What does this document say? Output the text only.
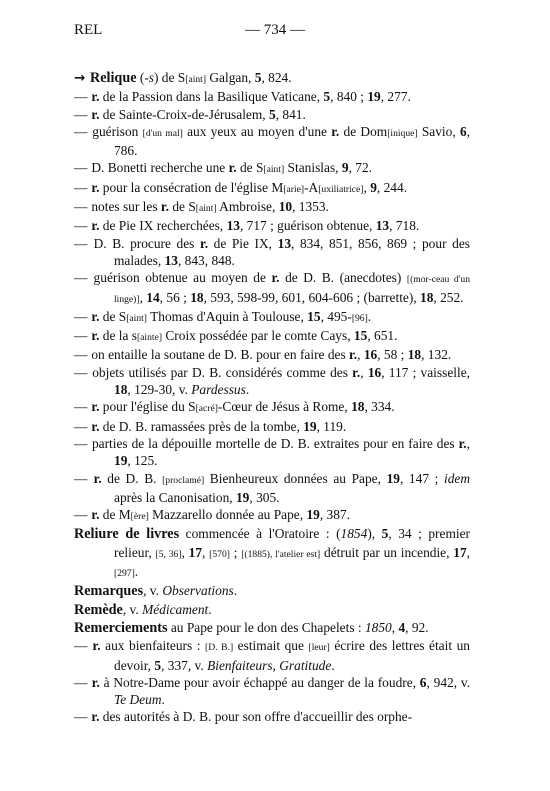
REL	— 734 —
→ Relique (-s) de S[aint] Galgan, 5, 824.
— r. de la Passion dans la Basilique Vaticane, 5, 840 ; 19, 277.
— r. de Sainte-Croix-de-Jérusalem, 5, 841.
— guérison [d'un mal] aux yeux au moyen d'une r. de Dom[inique] Savio, 6, 786.
— D. Bonetti recherche une r. de S[aint] Stanislas, 9, 72.
— r. pour la consécration de l'église M[arie]-A[uxiliatrice], 9, 244.
— notes sur les r. de S[aint] Ambroise, 10, 1353.
— r. de Pie IX recherchées, 13, 717 ; guérison obtenue, 13, 718.
— D. B. procure des r. de Pie IX, 13, 834, 851, 856, 869 ; pour des malades, 13, 843, 848.
— guérison obtenue au moyen de r. de D. B. (anecdotes) [(mor-ceau d'un linge)], 14, 56 ; 18, 593, 598-99, 601, 604-606 ; (barrette), 18, 252.
— r. de S[aint] Thomas d'Aquin à Toulouse, 15, 495-[96].
— r. de la s[ainte] Croix possédée par le comte Cays, 15, 651.
— on entaille la soutane de D. B. pour en faire des r., 16, 58 ; 18, 132.
— objets utilisés par D. B. considérés comme des r., 16, 117 ; vaisselle, 18, 129-30, v. Pardessus.
— r. pour l'église du S[acré]-Cœur de Jésus à Rome, 18, 334.
— r. de D. B. ramassées près de la tombe, 19, 119.
— parties de la dépouille mortelle de D. B. extraites pour en faire des r., 19, 125.
— r. de D. B. [proclamé] Bienheureux données au Pape, 19, 147 ; idem après la Canonisation, 19, 305.
— r. de M[ère] Mazzarello donnée au Pape, 19, 387.
Reliure de livres commencée à l'Oratoire : (1854), 5, 34 ; premier relieur, [5, 36], 17, [570] ; [(1885), l'atelier est] détruit par un incendie, 17, [297].
Remarques, v. Observations.
Remède, v. Médicament.
Remerciements au Pape pour le don des Chapelets : 1850, 4, 92.
— r. aux bienfaiteurs : [D. B.] estimait que [leur] écrire des lettres était un devoir, 5, 337, v. Bienfaiteurs, Gratitude.
— r. à Notre-Dame pour avoir échappé au danger de la foudre, 6, 942, v. Te Deum.
— r. des autorités à D. B. pour son offre d'accueillir des orphe-
